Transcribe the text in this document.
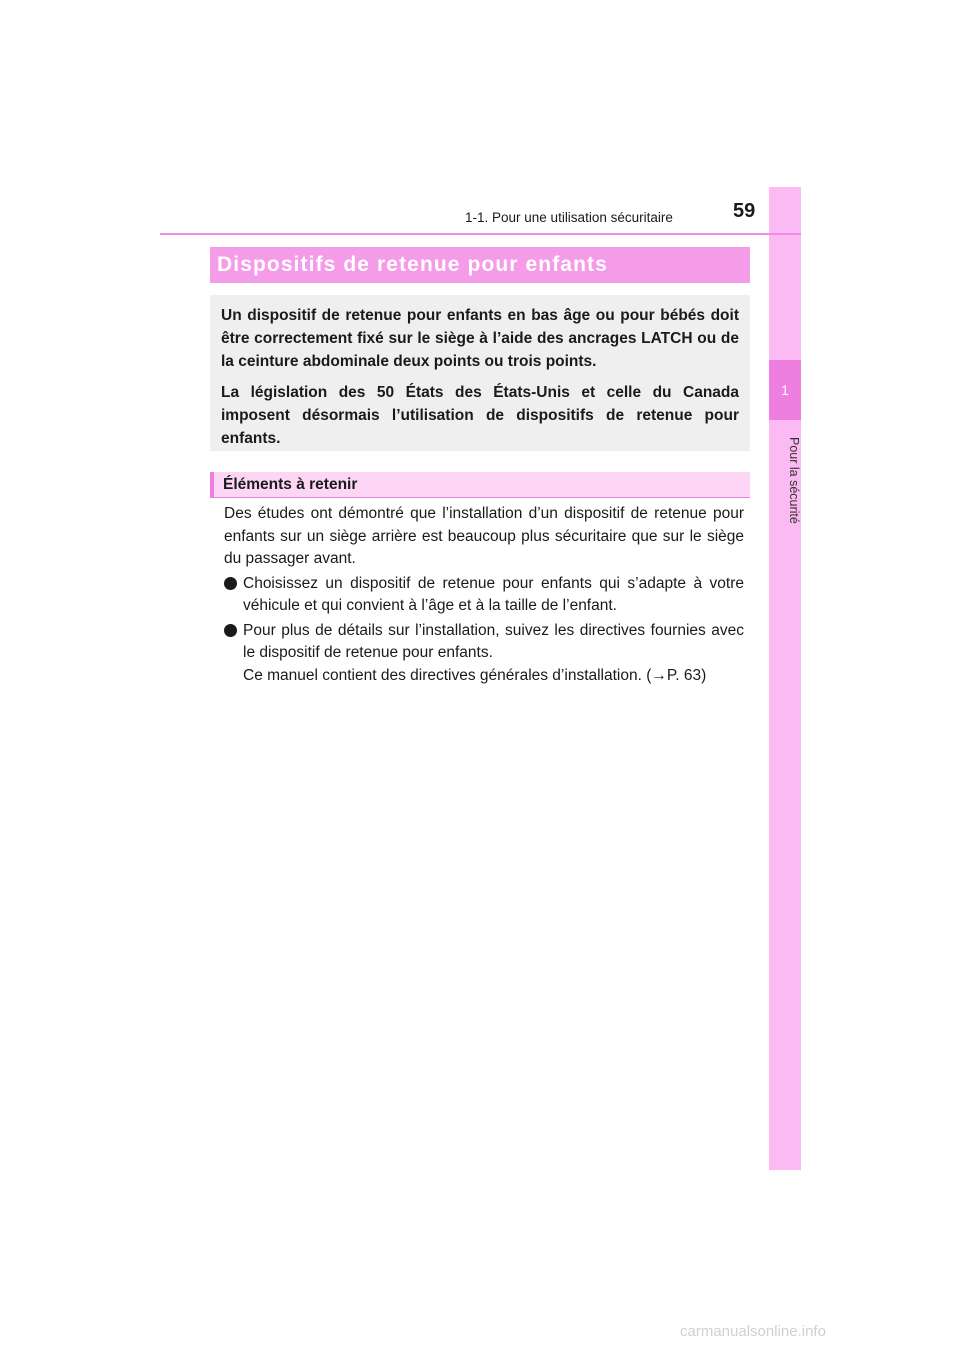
1
Pour la sécurité
1-1. Pour une utilisation sécuritaire	59
Dispositifs de retenue pour enfants

Un dispositif de retenue pour enfants en bas âge ou pour bébés doit être correctement fixé sur le siège à l’aide des ancrages LATCH ou de la ceinture abdominale deux points ou trois points.

La législation des 50 États des États-Unis et celle du Canada imposent désormais l’utilisation de dispositifs de retenue pour enfants.

Éléments à retenir

Des études ont démontré que l’installation d’un dispositif de retenue pour enfants sur un siège arrière est beaucoup plus sécuritaire que sur le siège du passager avant.

Choisissez un dispositif de retenue pour enfants qui s’adapte à votre véhicule et qui convient à l’âge et à la taille de l’enfant.

Pour plus de détails sur l’installation, suivez les directives fournies avec le dispositif de retenue pour enfants.

Ce manuel contient des directives générales d’installation. (→P. 63)

carmanualsonline.info
